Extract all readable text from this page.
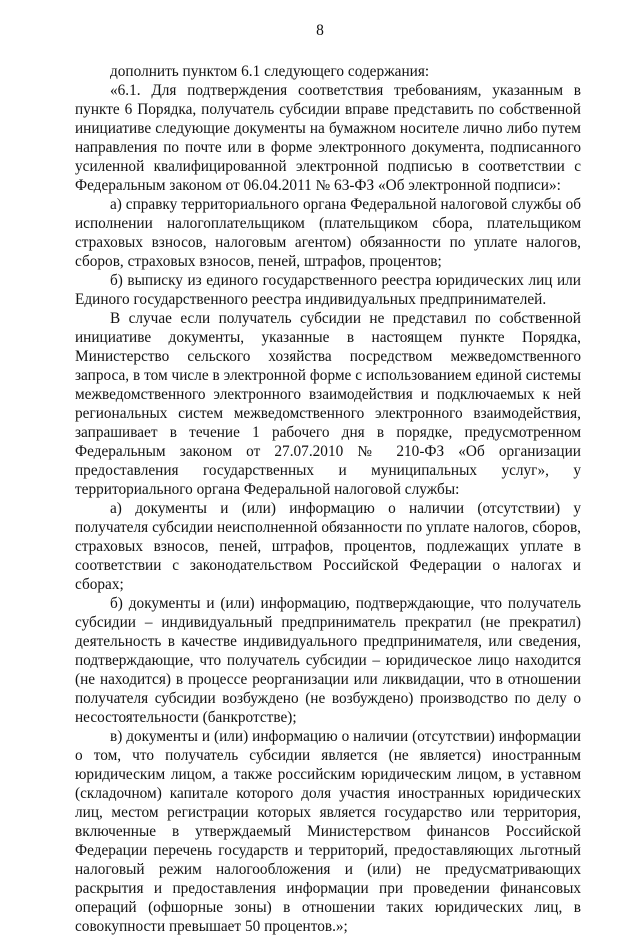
8

дополнить пунктом 6.1 следующего содержания:

«6.1. Для подтверждения соответствия требованиям, указанным в пункте 6 Порядка, получатель субсидии вправе представить по собственной инициативе следующие документы на бумажном носителе лично либо путем направления по почте или в форме электронного документа, подписанного усиленной квалифицированной электронной подписью в соответствии с Федеральным законом от 06.04.2011 № 63-ФЗ «Об электронной подписи»:

а) справку территориального органа Федеральной налоговой службы об исполнении налогоплательщиком (плательщиком сбора, плательщиком страховых взносов, налоговым агентом) обязанности по уплате налогов, сборов, страховых взносов, пеней, штрафов, процентов;

б) выписку из единого государственного реестра юридических лиц или Единого государственного реестра индивидуальных предпринимателей.

В случае если получатель субсидии не представил по собственной инициативе документы, указанные в настоящем пункте Порядка, Министерство сельского хозяйства посредством межведомственного запроса, в том числе в электронной форме с использованием единой системы межведомственного электронного взаимодействия и подключаемых к ней региональных систем межведомственного электронного взаимодействия, запрашивает в течение 1 рабочего дня в порядке, предусмотренном Федеральным законом от 27.07.2010 № 210-ФЗ «Об организации предоставления государственных и муниципальных услуг», у территориального органа Федеральной налоговой службы:

а) документы и (или) информацию о наличии (отсутствии) у получателя субсидии неисполненной обязанности по уплате налогов, сборов, страховых взносов, пеней, штрафов, процентов, подлежащих уплате в соответствии с законодательством Российской Федерации о налогах и сборах;

б) документы и (или) информацию, подтверждающие, что получатель субсидии – индивидуальный предприниматель прекратил (не прекратил) деятельность в качестве индивидуального предпринимателя, или сведения, подтверждающие, что получатель субсидии – юридическое лицо находится (не находится) в процессе реорганизации или ликвидации, что в отношении получателя субсидии возбуждено (не возбуждено) производство по делу о несостоятельности (банкротстве);

в) документы и (или) информацию о наличии (отсутствии) информации о том, что получатель субсидии является (не является) иностранным юридическим лицом, а также российским юридическим лицом, в уставном (складочном) капитале которого доля участия иностранных юридических лиц, местом регистрации которых является государство или территория, включенные в утверждаемый Министерством финансов Российской Федерации перечень государств и территорий, предоставляющих льготный налоговый режим налогообложения и (или) не предусматривающих раскрытия и предоставления информации при проведении финансовых операций (офшорные зоны) в отношении таких юридических лиц, в совокупности превышает 50 процентов.»;
